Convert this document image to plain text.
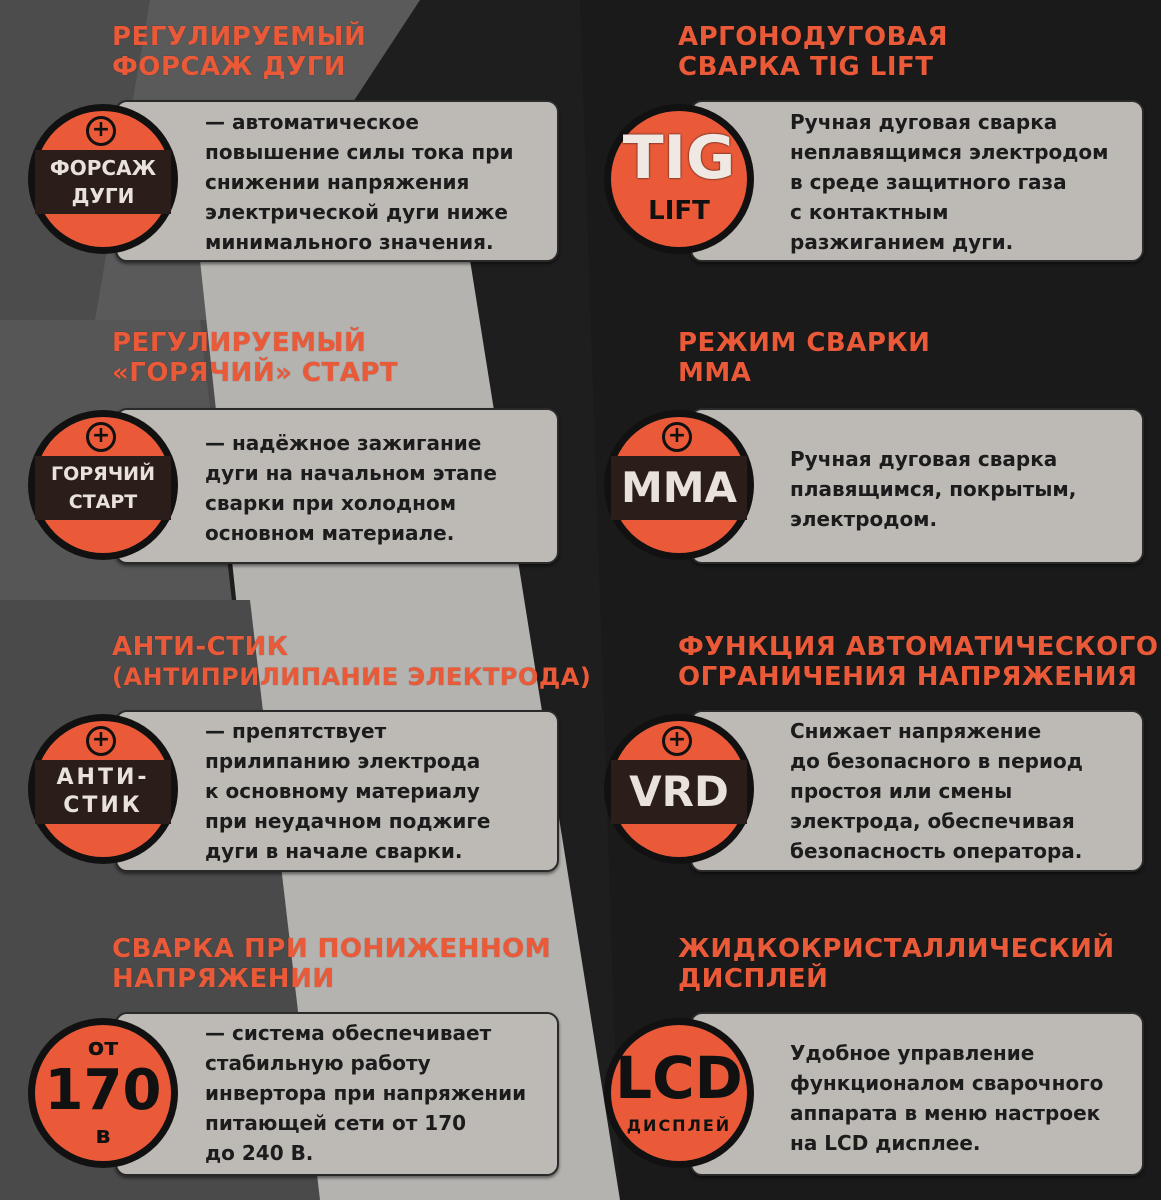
РЕГУЛИРУЕМЫЙ
ФОРСАЖ ДУГИ
— автоматическое
повышение силы тока при
снижении напряжения
электрической дуги ниже
минимального значения.
+
ФОРСАЖ
ДУГИ
АРГОНОДУГОВАЯ
СВАРКА TIG LIFT
Ручная дуговая сварка
неплавящимся электродом
в среде защитного газа
с контактным
разжиганием дуги.
TIG
LIFT
РЕГУЛИРУЕМЫЙ
«ГОРЯЧИЙ» СТАРТ
— надёжное зажигание
дуги на начальном этапе
сварки при холодном
основном материале.
+
ГОРЯЧИЙ
СТАРТ
РЕЖИМ СВАРКИ
MMA
Ручная дуговая сварка
плавящимся, покрытым,
электродом.
+
MMA
АНТИ-СТИК
(АНТИПРИЛИПАНИЕ ЭЛЕКТРОДА)
— препятствует
прилипанию электрода
к основному материалу
при неудачном поджиге
дуги в начале сварки.
+
АНТИ-
СТИК
ФУНКЦИЯ АВТОМАТИЧЕСКОГО
ОГРАНИЧЕНИЯ НАПРЯЖЕНИЯ
Снижает напряжение
до безопасного в период
простоя или смены
электрода, обеспечивая
безопасность оператора.
+
VRD
СВАРКА ПРИ ПОНИЖЕННОМ
НАПРЯЖЕНИИ
— система обеспечивает
стабильную работу
инвертора при напряжении
питающей сети от 170
до 240 В.
от
170
в
ЖИДКОКРИСТАЛЛИЧЕСКИЙ
ДИСПЛЕЙ
Удобное управление
функционалом сварочного
аппарата в меню настроек
на LCD дисплее.
LCD
ДИСПЛЕЙ
